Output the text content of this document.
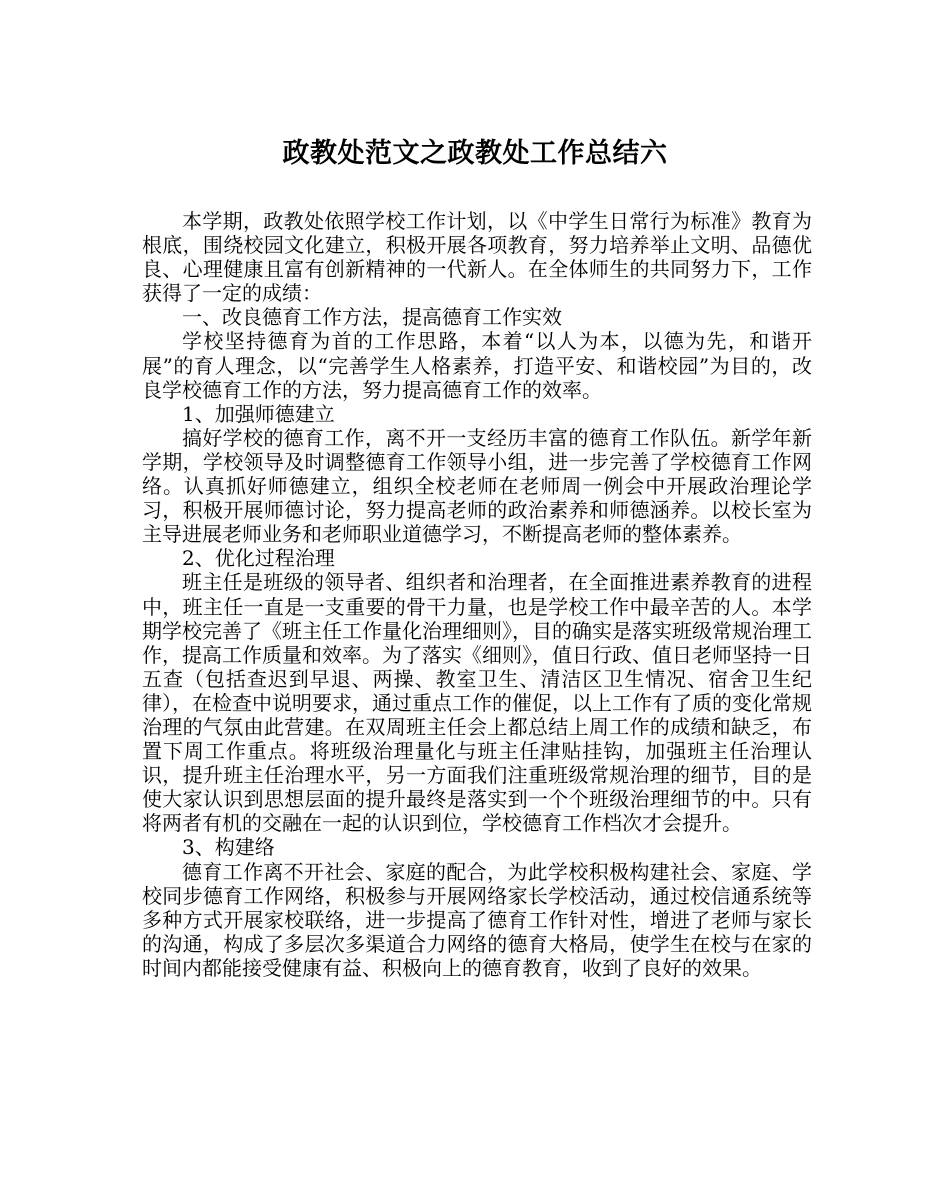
政教处范文之政教处工作总结六

本学期，政教处依照学校工作计划，以《中学生日常行为标准》教育为根底，围绕校园文化建立，积极开展各项教育，努力培养举止文明、品德优良、心理健康且富有创新精神的一代新人。在全体师生的共同努力下，工作获得了一定的成绩：

一、改良德育工作方法，提高德育工作实效

学校坚持德育为首的工作思路，本着“以人为本，以德为先，和谐开展”的育人理念，以“完善学生人格素养，打造平安、和谐校园”为目的，改良学校德育工作的方法，努力提高德育工作的效率。

1、加强师德建立

搞好学校的德育工作，离不开一支经历丰富的德育工作队伍。新学年新学期，学校领导及时调整德育工作领导小组，进一步完善了学校德育工作网络。认真抓好师德建立，组织全校老师在老师周一例会中开展政治理论学习，积极开展师德讨论，努力提高老师的政治素养和师德涵养。以校长室为主导进展老师业务和老师职业道德学习，不断提高老师的整体素养。

2、优化过程治理

班主任是班级的领导者、组织者和治理者，在全面推进素养教育的进程中，班主任一直是一支重要的骨干力量，也是学校工作中最辛苦的人。本学期学校完善了《班主任工作量化治理细则》，目的确实是落实班级常规治理工作，提高工作质量和效率。为了落实《细则》，值日行政、值日老师坚持一日五查（包括查迟到早退、两操、教室卫生、清洁区卫生情况、宿舍卫生纪律），在检查中说明要求，通过重点工作的催促，以上工作有了质的变化常规治理的气氛由此营建。在双周班主任会上都总结上周工作的成绩和缺乏，布置下周工作重点。将班级治理量化与班主任津贴挂钩，加强班主任治理认识，提升班主任治理水平，另一方面我们注重班级常规治理的细节，目的是使大家认识到思想层面的提升最终是落实到一个个班级治理细节的中。只有将两者有机的交融在一起的认识到位，学校德育工作档次才会提升。

3、构建络

德育工作离不开社会、家庭的配合，为此学校积极构建社会、家庭、学校同步德育工作网络，积极参与开展网络家长学校活动，通过校信通系统等多种方式开展家校联络，进一步提高了德育工作针对性，增进了老师与家长的沟通，构成了多层次多渠道合力网络的德育大格局，使学生在校与在家的时间内都能接受健康有益、积极向上的德育教育，收到了良好的效果。
